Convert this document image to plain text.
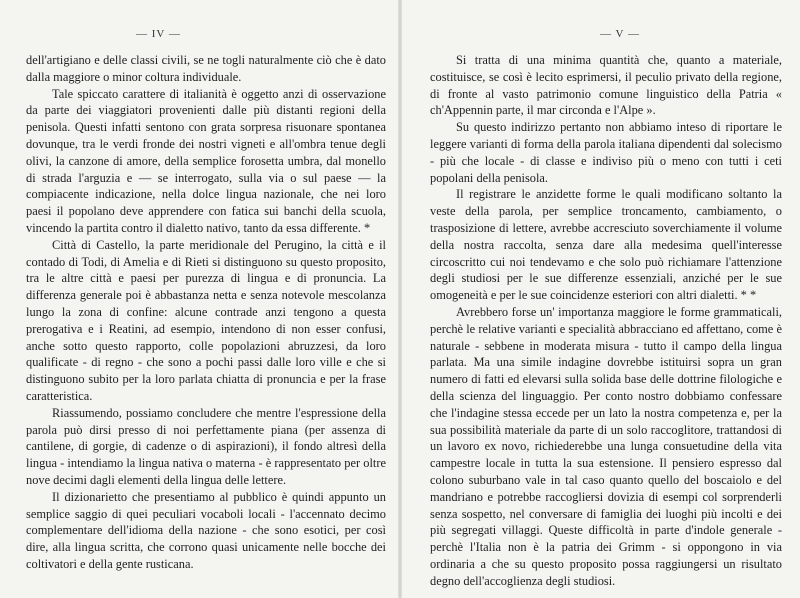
— IV —

dell'artigiano e delle classi civili, se ne togli naturalmente ciò che è dato dalla maggiore o minor coltura individuale.

Tale spiccato carattere di italianità è oggetto anzi di osservazione da parte dei viaggiatori provenienti dalle più distanti regioni della penisola. Questi infatti sentono con grata sorpresa risuonare spontanea dovunque, tra le verdi fronde dei nostri vigneti e all'ombra tenue degli olivi, la canzone di amore, della semplice forosetta umbra, dal monello di strada l'arguzia e — se interrogato, sulla via o sul paese — la compiacente indicazione, nella dolce lingua nazionale, che nei loro paesi il popolano deve apprendere con fatica sui banchi della scuola, vincendo la partita contro il dialetto nativo, tanto da essa differente. *

Città di Castello, la parte meridionale del Perugino, la città e il contado di Todi, di Amelia e di Rieti si distinguono su questo proposito, tra le altre città e paesi per purezza di lingua e di pronuncia. La differenza generale poi è abbastanza netta e senza notevole mescolanza lungo la zona di confine: alcune contrade anzi tengono a questa prerogativa e i Reatini, ad esempio, intendono di non esser confusi, anche sotto questo rapporto, colle popolazioni abruzzesi, da loro qualificate - di regno - che sono a pochi passi dalle loro ville e che si distinguono subito per la loro parlata chiatta di pronuncia e per la frase caratteristica.

Riassumendo, possiamo concludere che mentre l'espressione della parola può dirsi presso di noi perfettamente piana (per assenza di cantilene, di gorgie, di cadenze o di aspirazioni), il fondo altresì della lingua - intendiamo la lingua nativa o materna - è rappresentato per oltre nove decimi dagli elementi della lingua delle lettere.

Il dizionarietto che presentiamo al pubblico è quindi appunto un semplice saggio di quei peculiari vocaboli locali - l'accennato decimo complementare dell'idioma della nazione - che sono esotici, per così dire, alla lingua scritta, che corrono quasi unicamente nelle bocche dei coltivatori e della gente rusticana.

— V —

Si tratta di una minima quantità che, quanto a materiale, costituisce, se così è lecito esprimersi, il peculio privato della regione, di fronte al vasto patrimonio comune linguistico della Patria « ch'Appennin parte, il mar circonda e l'Alpe ».

Su questo indirizzo pertanto non abbiamo inteso di riportare le leggere varianti di forma della parola italiana dipendenti dal solecismo - più che locale - di classe e indiviso più o meno con tutti i ceti popolani della penisola.

Il registrare le anzidette forme le quali modificano soltanto la veste della parola, per semplice troncamento, cambiamento, o trasposizione di lettere, avrebbe accresciuto soverchiamente il volume della nostra raccolta, senza dare alla medesima quell'interesse circoscritto cui noi tendevamo e che solo può richiamare l'attenzione degli studiosi per le sue differenze essenziali, anziché per le sue omogeneità e per le sue coincidenze esteriori con altri dialetti. * *

Avrebbero forse un' importanza maggiore le forme grammaticali, perchè le relative varianti e specialità abbracciano ed affettano, come è naturale - sebbene in moderata misura - tutto il campo della lingua parlata. Ma una simile indagine dovrebbe istituirsi sopra un gran numero di fatti ed elevarsi sulla solida base delle dottrine filologiche e della scienza del linguaggio. Per conto nostro dobbiamo confessare che l'indagine stessa eccede per un lato la nostra competenza e, per la sua possibilità materiale da parte di un solo raccoglitore, trattandosi di un lavoro ex novo, richiederebbe una lunga consuetudine della vita campestre locale in tutta la sua estensione. Il pensiero espresso dal colono suburbano vale in tal caso quanto quello del boscaiolo e del mandriano e potrebbe raccogliersi dovizia di esempi col sorprenderli senza sospetto, nel conversare di famiglia dei luoghi più incolti e dei più segregati villaggi. Queste difficoltà in parte d'indole generale - perchè l'Italia non è la patria dei Grimm - si oppongono in via ordinaria a che su questo proposito possa raggiungersi un risultato degno dell'accoglienza degli studiosi.
